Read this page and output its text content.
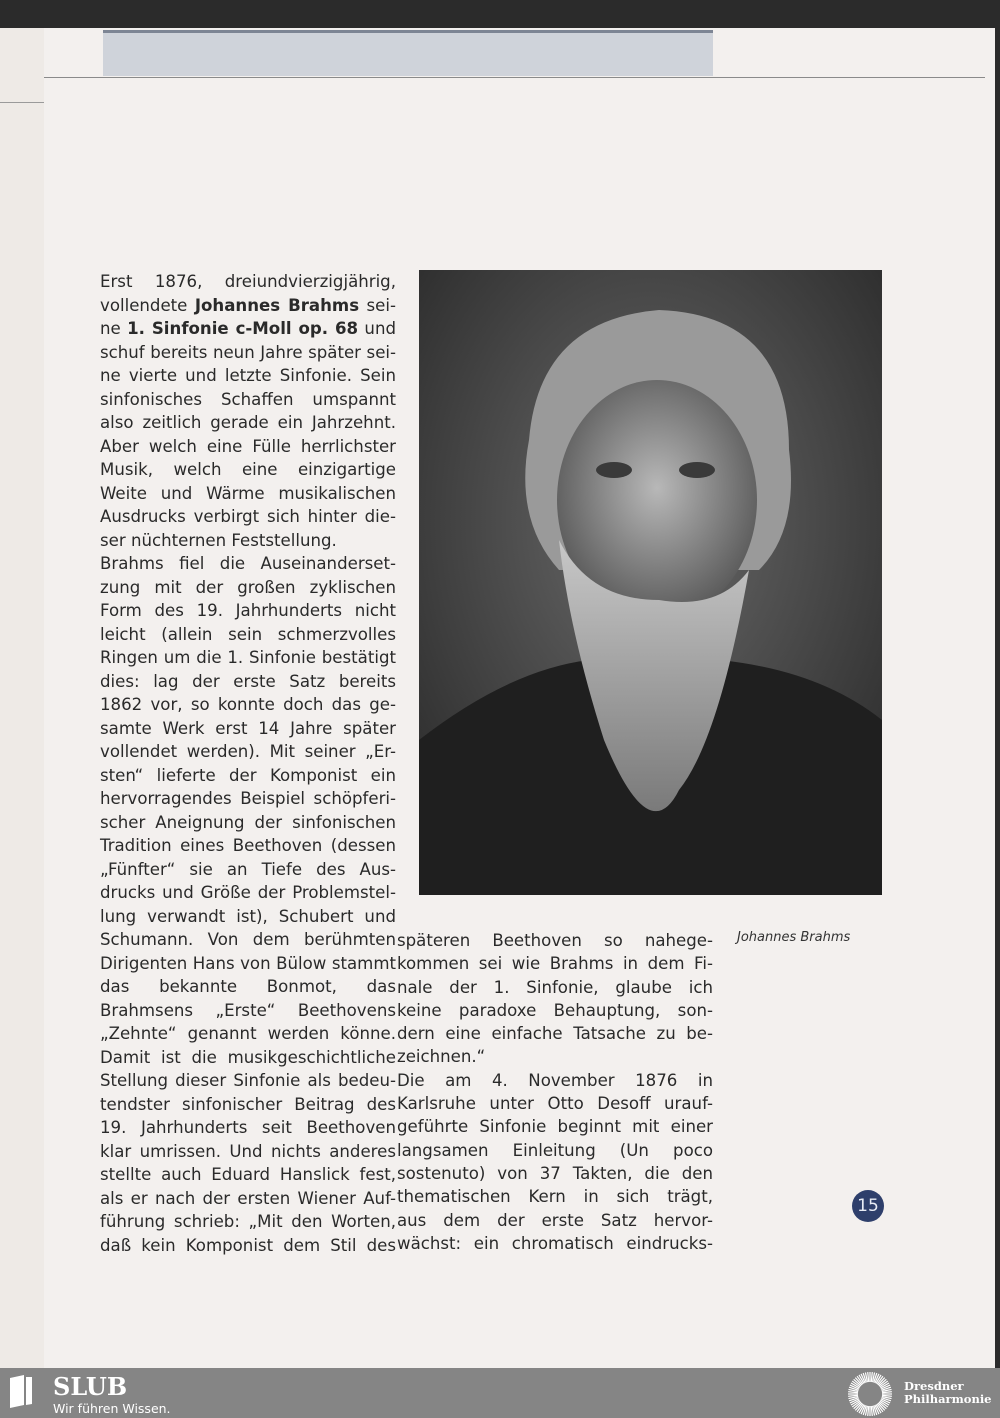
Erst 1876, dreiundvierzigjährig,
vollendete Johannes Brahms sei-
ne 1. Sinfonie c-Moll op. 68 und
schuf bereits neun Jahre später sei-
ne vierte und letzte Sinfonie. Sein
sinfonisches Schaffen umspannt
also zeitlich gerade ein Jahrzehnt.
Aber welch eine Fülle herrlichster
Musik, welch eine einzigartige
Weite und Wärme musikalischen
Ausdrucks verbirgt sich hinter die-
ser nüchternen Feststellung.
Brahms fiel die Auseinanderset-
zung mit der großen zyklischen
Form des 19. Jahrhunderts nicht
leicht (allein sein schmerzvolles
Ringen um die 1. Sinfonie bestätigt
dies: lag der erste Satz bereits
1862 vor, so konnte doch das ge-
samte Werk erst 14 Jahre später
vollendet werden). Mit seiner „Er-
sten“ lieferte der Komponist ein
hervorragendes Beispiel schöpferi-
scher Aneignung der sinfonischen
Tradition eines Beethoven (dessen
„Fünfter“ sie an Tiefe des Aus-
drucks und Größe der Problemstel-
lung verwandt ist), Schubert und
Schumann. Von dem berühmten
Dirigenten Hans von Bülow stammt
das bekannte Bonmot, das
Brahmsens „Erste“ Beethovens
„Zehnte“ genannt werden könne.
Damit ist die musikgeschichtliche
Stellung dieser Sinfonie als bedeu-
tendster sinfonischer Beitrag des
19. Jahrhunderts seit Beethoven
klar umrissen. Und nichts anderes
stellte auch Eduard Hanslick fest,
als er nach der ersten Wiener Auf-
führung schrieb: „Mit den Worten,
daß kein Komponist dem Stil des
Johannes Brahms
späteren Beethoven so nahege-
kommen sei wie Brahms in dem Fi-
nale der 1. Sinfonie, glaube ich
keine paradoxe Behauptung, son-
dern eine einfache Tatsache zu be-
zeichnen.“
Die am 4. November 1876 in
Karlsruhe unter Otto Desoff urauf-
geführte Sinfonie beginnt mit einer
langsamen Einleitung (Un poco
sostenuto) von 37 Takten, die den
thematischen Kern in sich trägt,
aus dem der erste Satz hervor-
wächst: ein chromatisch eindrucks-
15
SLUB
Wir führen Wissen.
Dresdner
Philharmonie
